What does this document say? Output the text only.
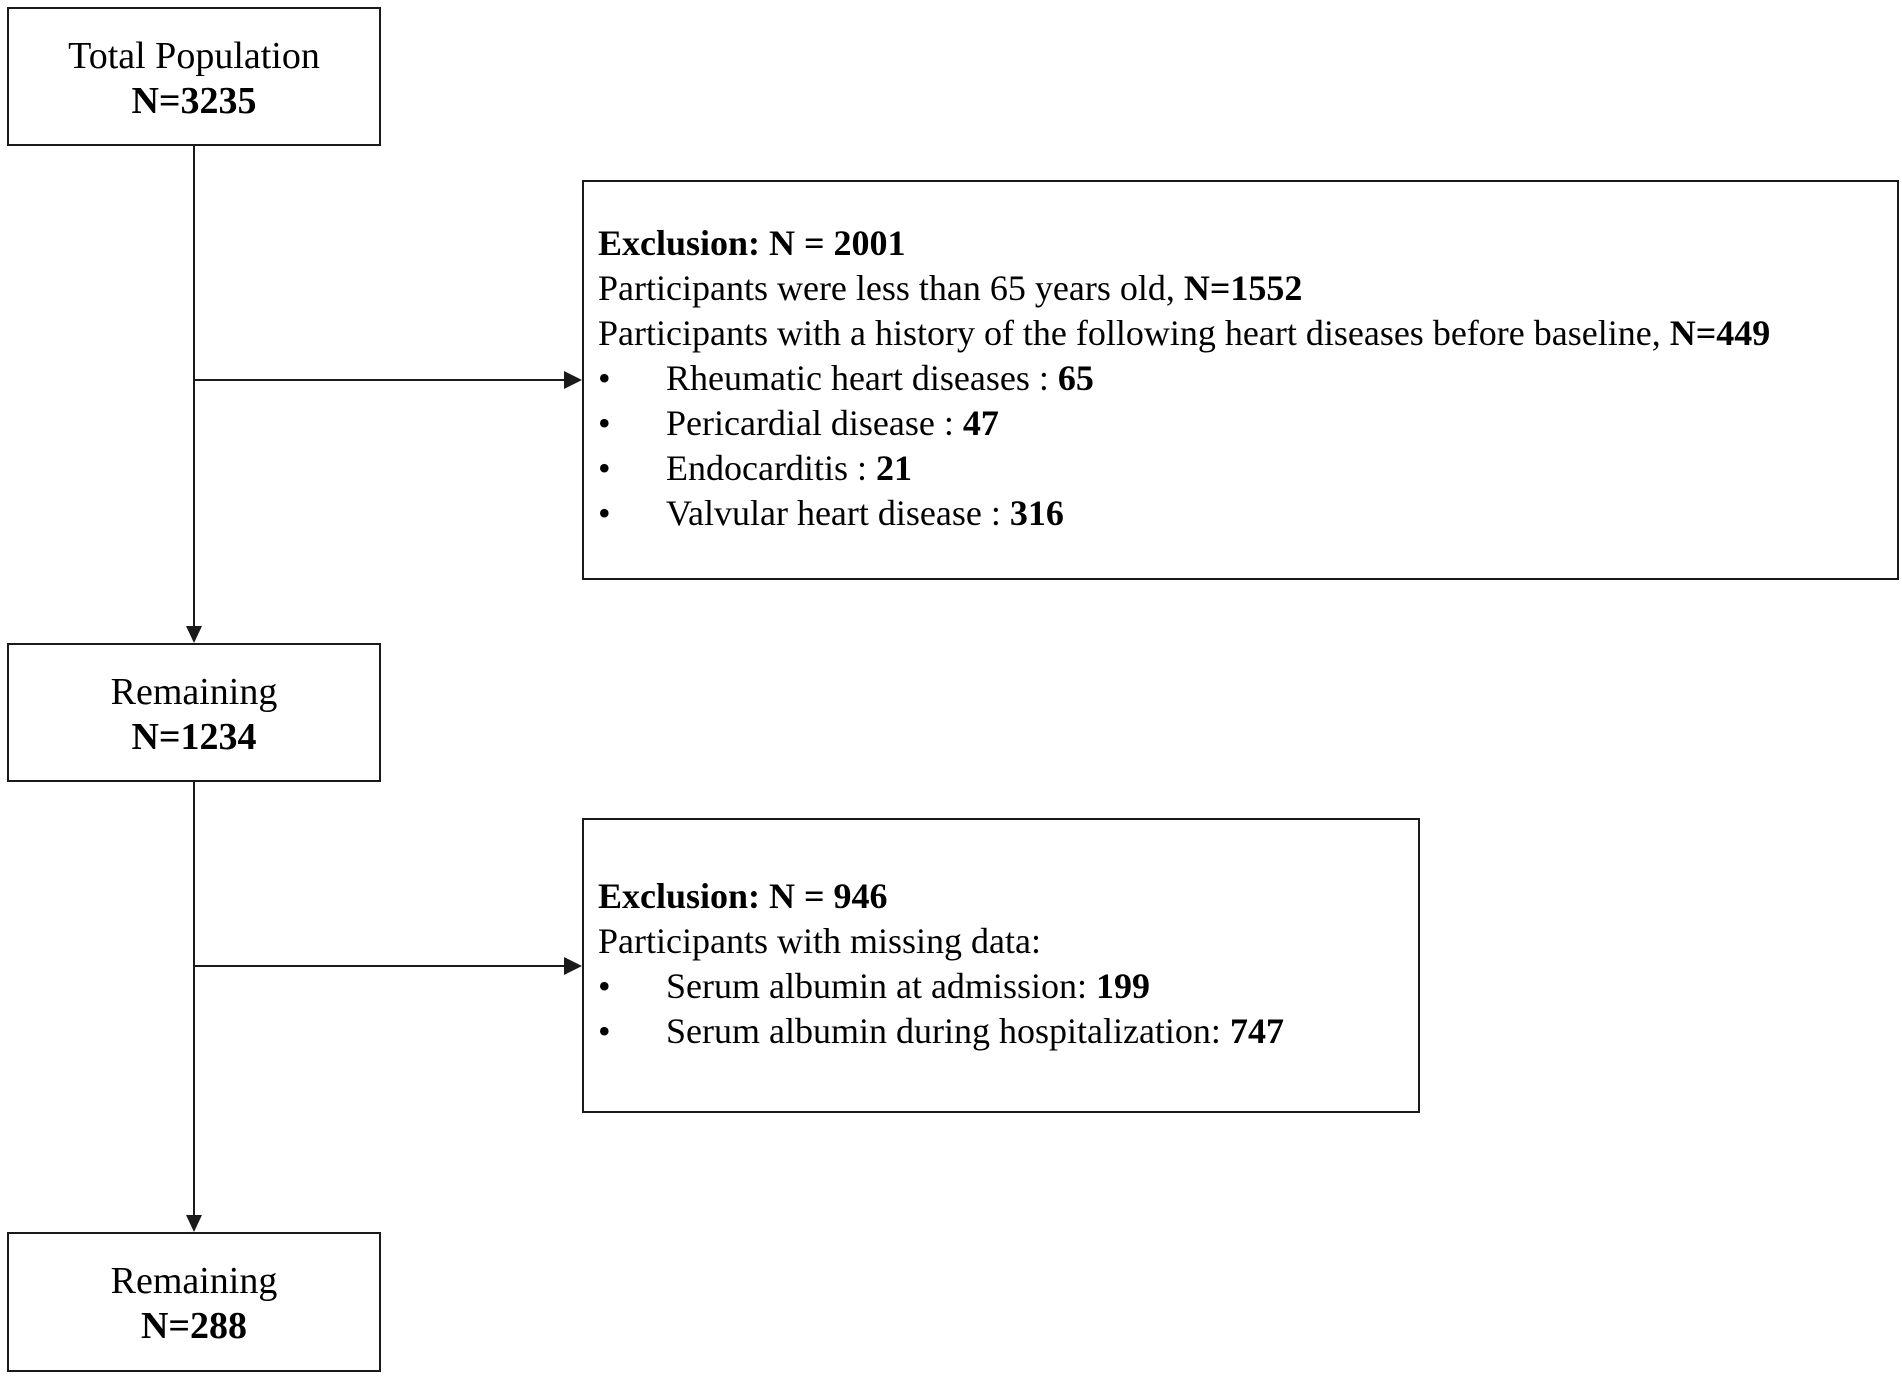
Total Population
N=3235
Remaining
N=1234
Remaining
N=288
Exclusion: N = 2001
Participants were less than 65 years old, N=1552
Participants with a history of the following heart diseases before baseline, N=449
• Rheumatic heart diseases : 65
• Pericardial disease : 47
• Endocarditis : 21
• Valvular heart disease : 316
Exclusion: N = 946
Participants with missing data:
• Serum albumin at admission: 199
• Serum albumin during hospitalization: 747
